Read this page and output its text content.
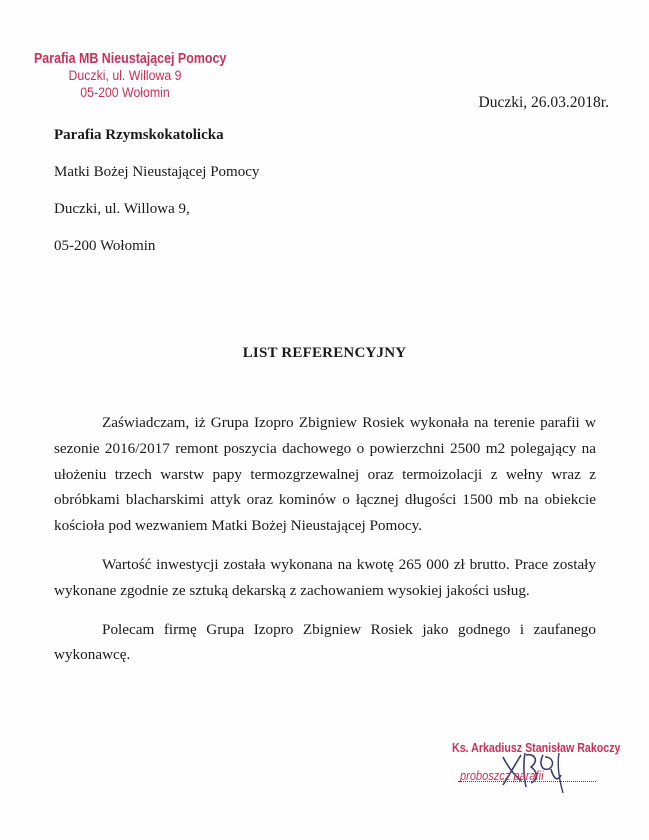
Parafia MB Nieustającej Pomocy
Duczki, ul. Willowa 9
05-200 Wołomin
Duczki, 26.03.2018r.
Parafia Rzymskokatolicka
Matki Bożej Nieustającej Pomocy
Duczki, ul. Willowa 9,
05-200 Wołomin
LIST REFERENCYJNY

Zaświadczam, iż Grupa Izopro Zbigniew Rosiek wykonała na terenie parafii w sezonie 2016/2017 remont poszycia dachowego o powierzchni 2500 m2 polegający na ułożeniu trzech warstw papy termozgrzewalnej oraz termoizolacji z wełny wraz z obróbkami blacharskimi attyk oraz kominów o łącznej długości 1500 mb na obiekcie kościoła pod wezwaniem Matki Bożej Nieustającej Pomocy.

Wartość inwestycji została wykonana na kwotę 265 000 zł brutto. Prace zostały wykonane zgodnie ze sztuką dekarską z zachowaniem wysokiej jakości usług.

Polecam firmę Grupa Izopro Zbigniew Rosiek jako godnego i zaufanego wykonawcę.

Ks. Arkadiusz Stanisław Rakoczy
proboszcz parafii
